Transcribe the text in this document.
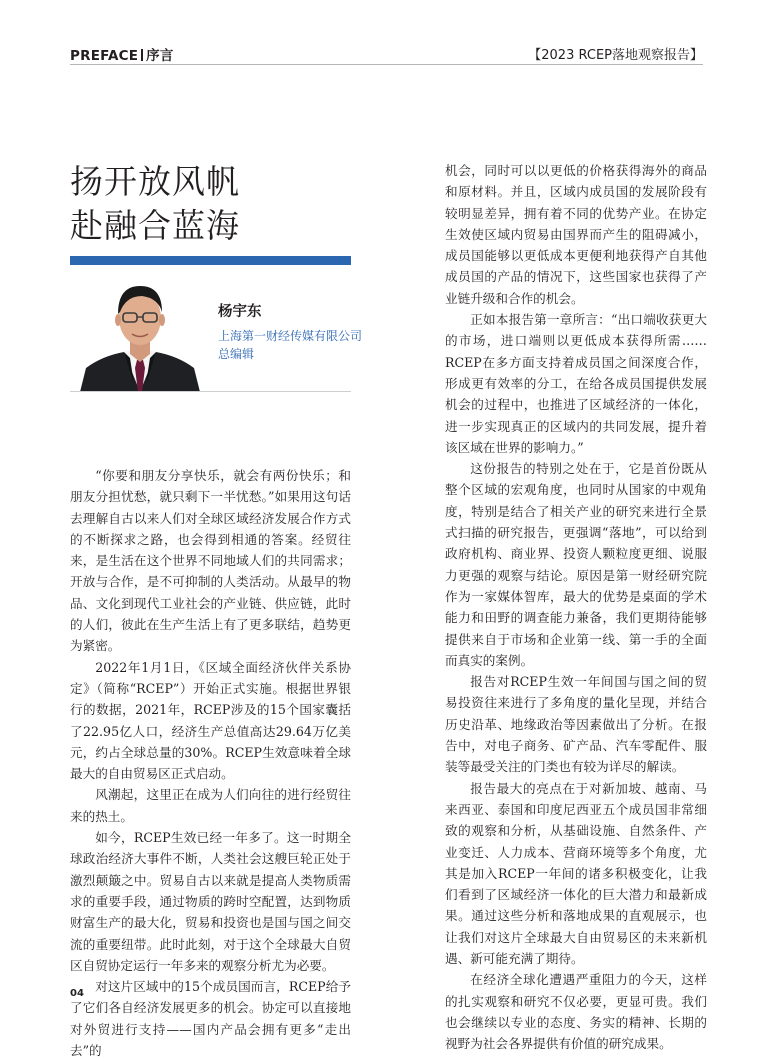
PREFACE 序言	【2023 RCEP落地观察报告】
扬开放风帆
赴融合蓝海
杨宇东
上海第一财经传媒有限公司
总编辑

“你要和朋友分享快乐，就会有两份快乐；和朋友分担忧愁，就只剩下一半忧愁。”如果用这句话去理解自古以来人们对全球区域经济发展合作方式的不断探求之路，也会得到相通的答案。经贸往来，是生活在这个世界不同地域人们的共同需求；开放与合作，是不可抑制的人类活动。从最早的物品、文化到现代工业社会的产业链、供应链，此时的人们，彼此在生产生活上有了更多联结，趋势更为紧密。

2022年1月1日，《区域全面经济伙伴关系协定》（简称“RCEP”）开始正式实施。根据世界银行的数据，2021年，RCEP涉及的15个国家囊括了22.95亿人口，经济生产总值高达29.64万亿美元，约占全球总量的30%。RCEP生效意味着全球最大的自由贸易区正式启动。

风潮起，这里正在成为人们向往的进行经贸往来的热土。

如今，RCEP生效已经一年多了。这一时期全球政治经济大事件不断，人类社会这艘巨轮正处于激烈颠簸之中。贸易自古以来就是提高人类物质需求的重要手段，通过物质的跨时空配置，达到物质财富生产的最大化，贸易和投资也是国与国之间交流的重要纽带。此时此刻，对于这个全球最大自贸区自贸协定运行一年多来的观察分析尤为必要。

对这片区域中的15个成员国而言，RCEP给予了它们各自经济发展更多的机会。协定可以直接地对外贸进行支持——国内产品会拥有更多“走出去”的

机会，同时可以以更低的价格获得海外的商品和原材料。并且，区域内成员国的发展阶段有较明显差异，拥有着不同的优势产业。在协定生效使区域内贸易由国界而产生的阻碍减小，成员国能够以更低成本更便利地获得产自其他成员国的产品的情况下，这些国家也获得了产业链升级和合作的机会。

正如本报告第一章所言：“出口端收获更大的市场，进口端则以更低成本获得所需……RCEP在多方面支持着成员国之间深度合作，形成更有效率的分工，在给各成员国提供发展机会的过程中，也推进了区域经济的一体化，进一步实现真正的区域内的共同发展，提升着该区域在世界的影响力。”

这份报告的特别之处在于，它是首份既从整个区域的宏观角度，也同时从国家的中观角度，特别是结合了相关产业的研究来进行全景式扫描的研究报告，更强调“落地”，可以给到政府机构、商业界、投资人颗粒度更细、说服力更强的观察与结论。原因是第一财经研究院作为一家媒体智库，最大的优势是桌面的学术能力和田野的调查能力兼备，我们更期待能够提供来自于市场和企业第一线、第一手的全面而真实的案例。

报告对RCEP生效一年间国与国之间的贸易投资往来进行了多角度的量化呈现，并结合历史沿革、地缘政治等因素做出了分析。在报告中，对电子商务、矿产品、汽车零配件、服装等最受关注的门类也有较为详尽的解读。

报告最大的亮点在于对新加坡、越南、马来西亚、泰国和印度尼西亚五个成员国非常细致的观察和分析，从基础设施、自然条件、产业变迁、人力成本、营商环境等多个角度，尤其是加入RCEP一年间的诸多积极变化，让我们看到了区域经济一体化的巨大潜力和最新成果。通过这些分析和落地成果的直观展示，也让我们对这片全球最大自由贸易区的未来新机遇、新可能充满了期待。

在经济全球化遭遇严重阻力的今天，这样的扎实观察和研究不仅必要，更显可贵。我们也会继续以专业的态度、务实的精神、长期的视野为社会各界提供有价值的研究成果。

04
